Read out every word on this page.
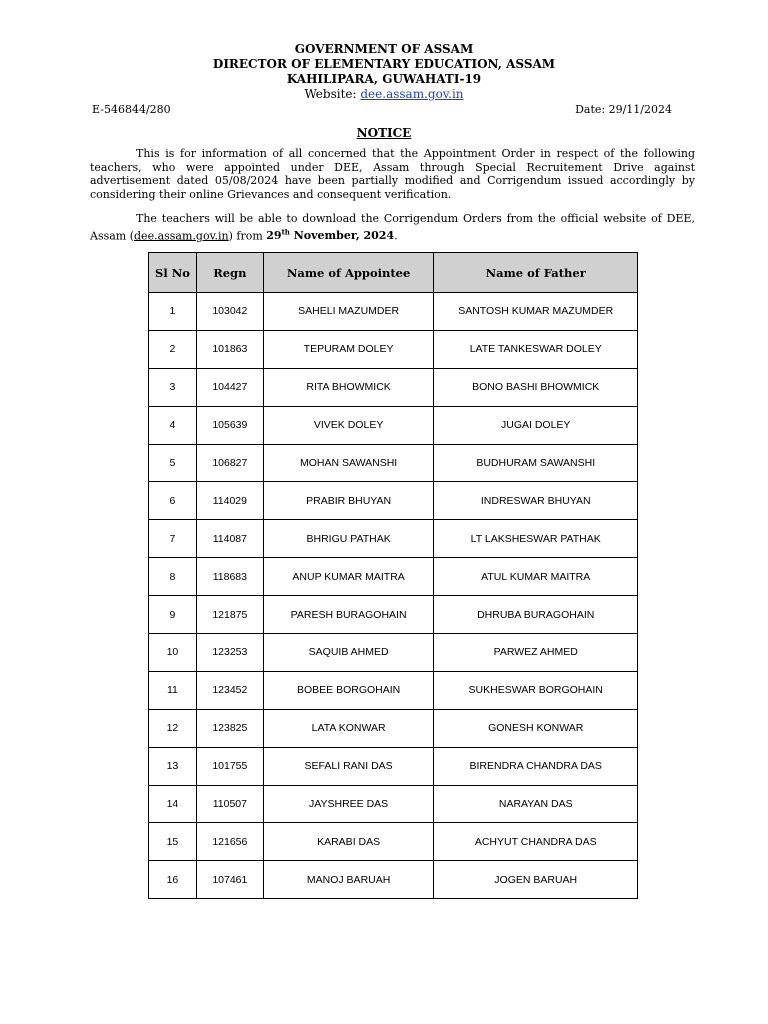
GOVERNMENT OF ASSAM
DIRECTOR OF ELEMENTARY EDUCATION, ASSAM
KAHILIPARA, GUWAHATI-19
Website: dee.assam.gov.in
E-546844/280	Date: 29/11/2024
NOTICE

This is for information of all concerned that the Appointment Order in respect of the following teachers, who were appointed under DEE, Assam through Special Recruitement Drive against advertisement dated 05/08/2024 have been partially modified and Corrigendum issued accordingly by considering their online Grievances and consequent verification.

The teachers will be able to download the Corrigendum Orders from the official website of DEE, Assam (dee.assam.gov.in) from 29th November, 2024.

Sl No	Regn	Name of Appointee	Name of Father
1	103042	SAHELI MAZUMDER	SANTOSH KUMAR MAZUMDER
2	101863	TEPURAM DOLEY	LATE TANKESWAR DOLEY
3	104427	RITA BHOWMICK	BONO BASHI BHOWMICK
4	105639	VIVEK DOLEY	JUGAI DOLEY
5	106827	MOHAN SAWANSHI	BUDHURAM SAWANSHI
6	114029	PRABIR BHUYAN	INDRESWAR BHUYAN
7	114087	BHRIGU PATHAK	LT LAKSHESWAR PATHAK
8	118683	ANUP KUMAR MAITRA	ATUL KUMAR MAITRA
9	121875	PARESH BURAGOHAIN	DHRUBA BURAGOHAIN
10	123253	SAQUIB AHMED	PARWEZ AHMED
11	123452	BOBEE BORGOHAIN	SUKHESWAR BORGOHAIN
12	123825	LATA KONWAR	GONESH KONWAR
13	101755	SEFALI RANI DAS	BIRENDRA CHANDRA DAS
14	110507	JAYSHREE DAS	NARAYAN DAS
15	121656	KARABI DAS	ACHYUT CHANDRA DAS
16	107461	MANOJ BARUAH	JOGEN BARUAH
